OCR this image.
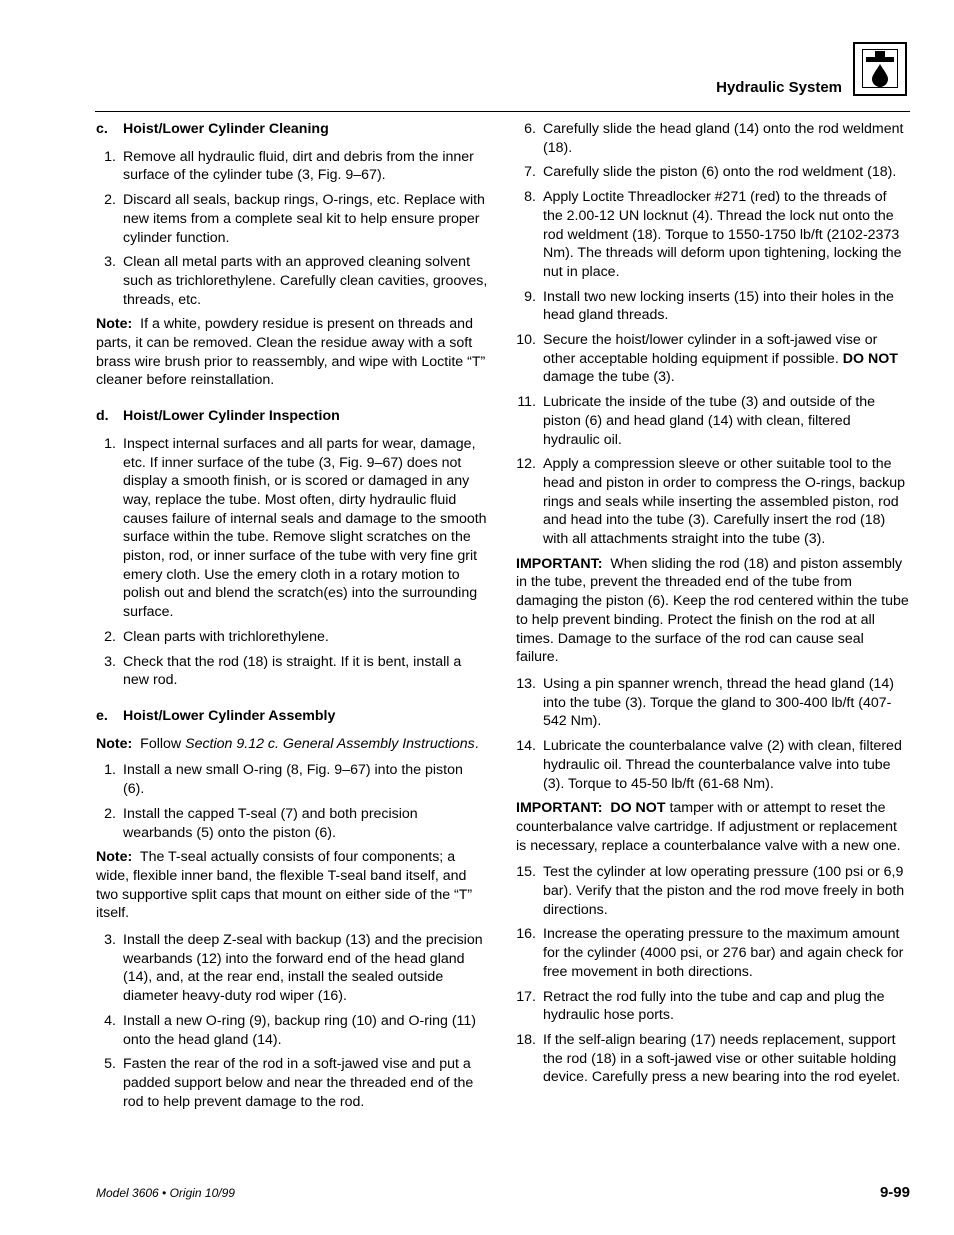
Hydraulic System
c. Hoist/Lower Cylinder Cleaning
1. Remove all hydraulic fluid, dirt and debris from the inner surface of the cylinder tube (3, Fig. 9–67).
2. Discard all seals, backup rings, O-rings, etc. Replace with new items from a complete seal kit to help ensure proper cylinder function.
3. Clean all metal parts with an approved cleaning solvent such as trichlorethylene. Carefully clean cavities, grooves, threads, etc.
Note: If a white, powdery residue is present on threads and parts, it can be removed. Clean the residue away with a soft brass wire brush prior to reassembly, and wipe with Loctite “T” cleaner before reinstallation.
d. Hoist/Lower Cylinder Inspection
1. Inspect internal surfaces and all parts for wear, damage, etc. If inner surface of the tube (3, Fig. 9–67) does not display a smooth finish, or is scored or damaged in any way, replace the tube. Most often, dirty hydraulic fluid causes failure of internal seals and damage to the smooth surface within the tube. Remove slight scratches on the piston, rod, or inner surface of the tube with very fine grit emery cloth. Use the emery cloth in a rotary motion to polish out and blend the scratch(es) into the surrounding surface.
2. Clean parts with trichlorethylene.
3. Check that the rod (18) is straight. If it is bent, install a new rod.
e. Hoist/Lower Cylinder Assembly
Note: Follow Section 9.12 c. General Assembly Instructions.
1. Install a new small O-ring (8, Fig. 9–67) into the piston (6).
2. Install the capped T-seal (7) and both precision wearbands (5) onto the piston (6).
Note: The T-seal actually consists of four components; a wide, flexible inner band, the flexible T-seal band itself, and two supportive split caps that mount on either side of the “T” itself.
3. Install the deep Z-seal with backup (13) and the precision wearbands (12) into the forward end of the head gland (14), and, at the rear end, install the sealed outside diameter heavy-duty rod wiper (16).
4. Install a new O-ring (9), backup ring (10) and O-ring (11) onto the head gland (14).
5. Fasten the rear of the rod in a soft-jawed vise and put a padded support below and near the threaded end of the rod to help prevent damage to the rod.
6. Carefully slide the head gland (14) onto the rod weldment (18).
7. Carefully slide the piston (6) onto the rod weldment (18).
8. Apply Loctite Threadlocker #271 (red) to the threads of the 2.00-12 UN locknut (4). Thread the lock nut onto the rod weldment (18). Torque to 1550-1750 lb/ft (2102-2373 Nm). The threads will deform upon tightening, locking the nut in place.
9. Install two new locking inserts (15) into their holes in the head gland threads.
10. Secure the hoist/lower cylinder in a soft-jawed vise or other acceptable holding equipment if possible. DO NOT damage the tube (3).
11. Lubricate the inside of the tube (3) and outside of the piston (6) and head gland (14) with clean, filtered hydraulic oil.
12. Apply a compression sleeve or other suitable tool to the head and piston in order to compress the O-rings, backup rings and seals while inserting the assembled piston, rod and head into the tube (3). Carefully insert the rod (18) with all attachments straight into the tube (3).
IMPORTANT: When sliding the rod (18) and piston assembly in the tube, prevent the threaded end of the tube from damaging the piston (6). Keep the rod centered within the tube to help prevent binding. Protect the finish on the rod at all times. Damage to the surface of the rod can cause seal failure.
13. Using a pin spanner wrench, thread the head gland (14) into the tube (3). Torque the gland to 300-400 lb/ft (407-542 Nm).
14. Lubricate the counterbalance valve (2) with clean, filtered hydraulic oil. Thread the counterbalance valve into tube (3). Torque to 45-50 lb/ft (61-68 Nm).
IMPORTANT: DO NOT tamper with or attempt to reset the counterbalance valve cartridge. If adjustment or replacement is necessary, replace a counterbalance valve with a new one.
15. Test the cylinder at low operating pressure (100 psi or 6,9 bar). Verify that the piston and the rod move freely in both directions.
16. Increase the operating pressure to the maximum amount for the cylinder (4000 psi, or 276 bar) and again check for free movement in both directions.
17. Retract the rod fully into the tube and cap and plug the hydraulic hose ports.
18. If the self-align bearing (17) needs replacement, support the rod (18) in a soft-jawed vise or other suitable holding device. Carefully press a new bearing into the rod eyelet.
Model 3606 • Origin 10/99	9-99
